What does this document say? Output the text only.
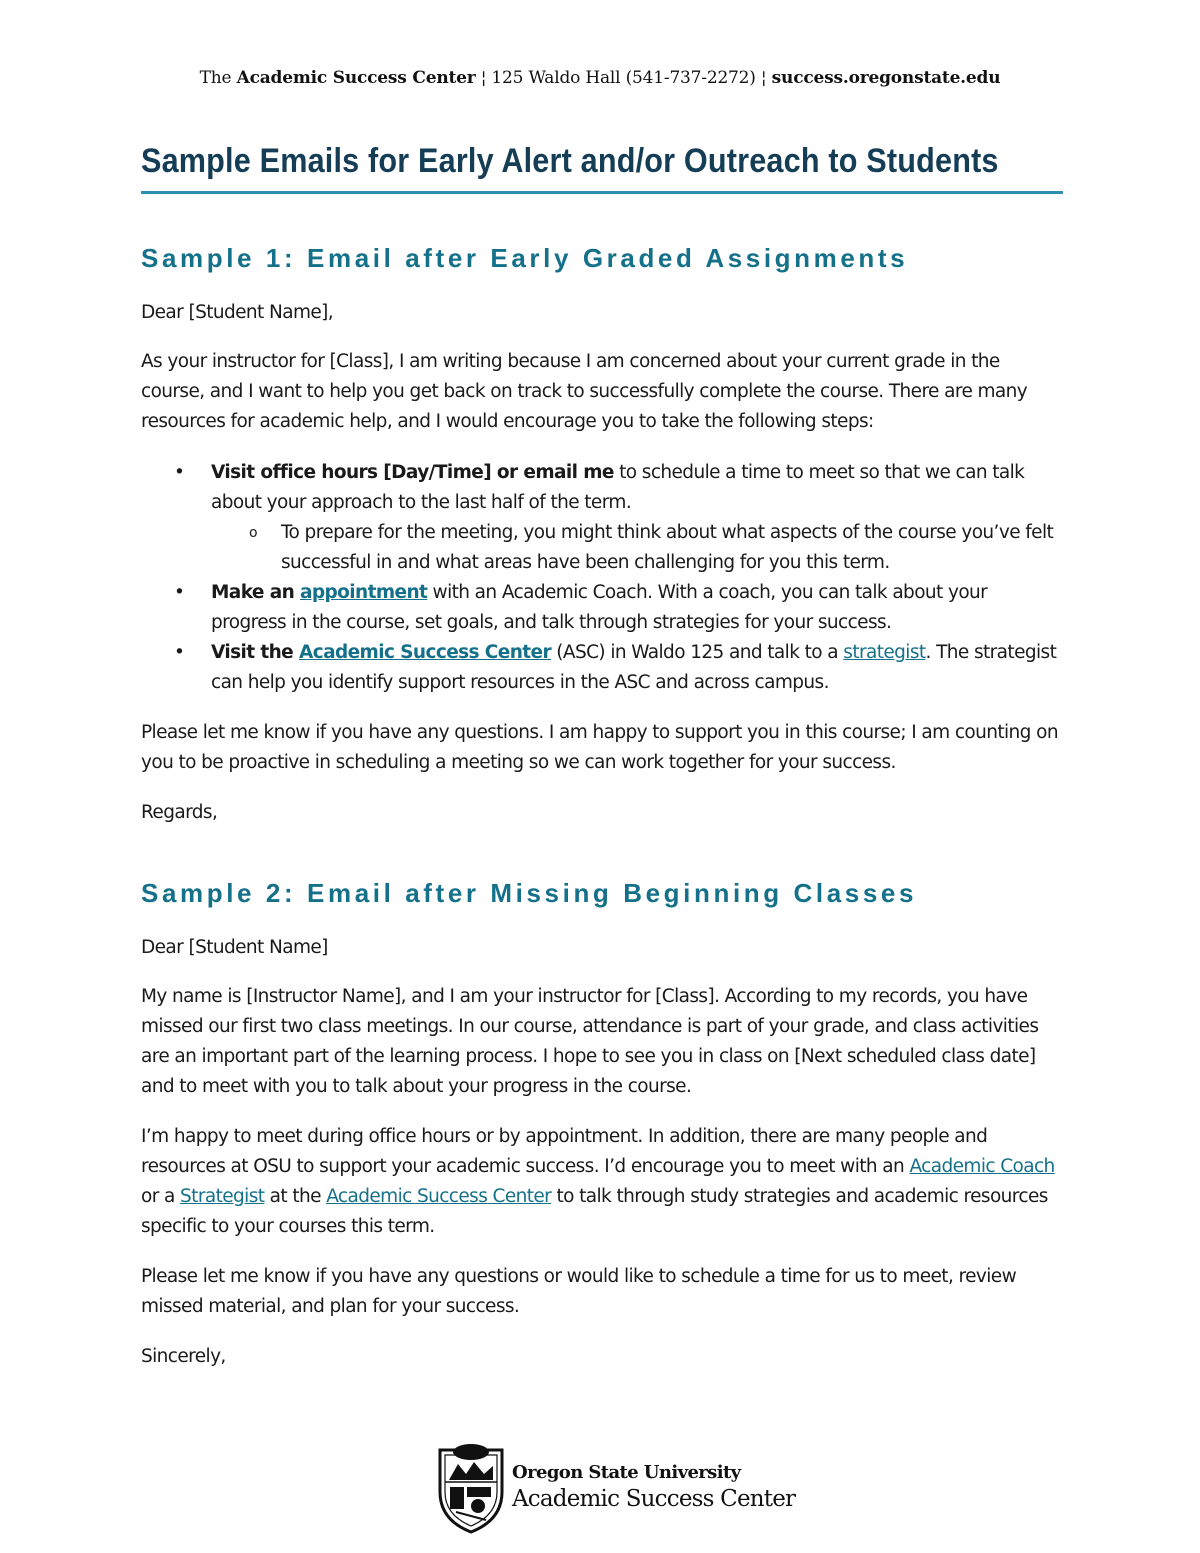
The Academic Success Center ¦ 125 Waldo Hall (541-737-2272) ¦ success.oregonstate.edu
Sample Emails for Early Alert and/or Outreach to Students
Sample 1: Email after Early Graded Assignments
Dear [Student Name],
As your instructor for [Class], I am writing because I am concerned about your current grade in the course, and I want to help you get back on track to successfully complete the course. There are many resources for academic help, and I would encourage you to take the following steps:
• Visit office hours [Day/Time] or email me to schedule a time to meet so that we can talk about your approach to the last half of the term.
o To prepare for the meeting, you might think about what aspects of the course you’ve felt successful in and what areas have been challenging for you this term.
• Make an appointment with an Academic Coach. With a coach, you can talk about your progress in the course, set goals, and talk through strategies for your success.
• Visit the Academic Success Center (ASC) in Waldo 125 and talk to a strategist. The strategist can help you identify support resources in the ASC and across campus.
Please let me know if you have any questions. I am happy to support you in this course; I am counting on you to be proactive in scheduling a meeting so we can work together for your success.
Regards,
Sample 2: Email after Missing Beginning Classes
Dear [Student Name]
My name is [Instructor Name], and I am your instructor for [Class]. According to my records, you have missed our first two class meetings. In our course, attendance is part of your grade, and class activities are an important part of the learning process. I hope to see you in class on [Next scheduled class date] and to meet with you to talk about your progress in the course.
I’m happy to meet during office hours or by appointment. In addition, there are many people and resources at OSU to support your academic success. I’d encourage you to meet with an Academic Coach or a Strategist at the Academic Success Center to talk through study strategies and academic resources specific to your courses this term.
Please let me know if you have any questions or would like to schedule a time for us to meet, review missed material, and plan for your success.
Sincerely,
Oregon State University
Academic Success Center
